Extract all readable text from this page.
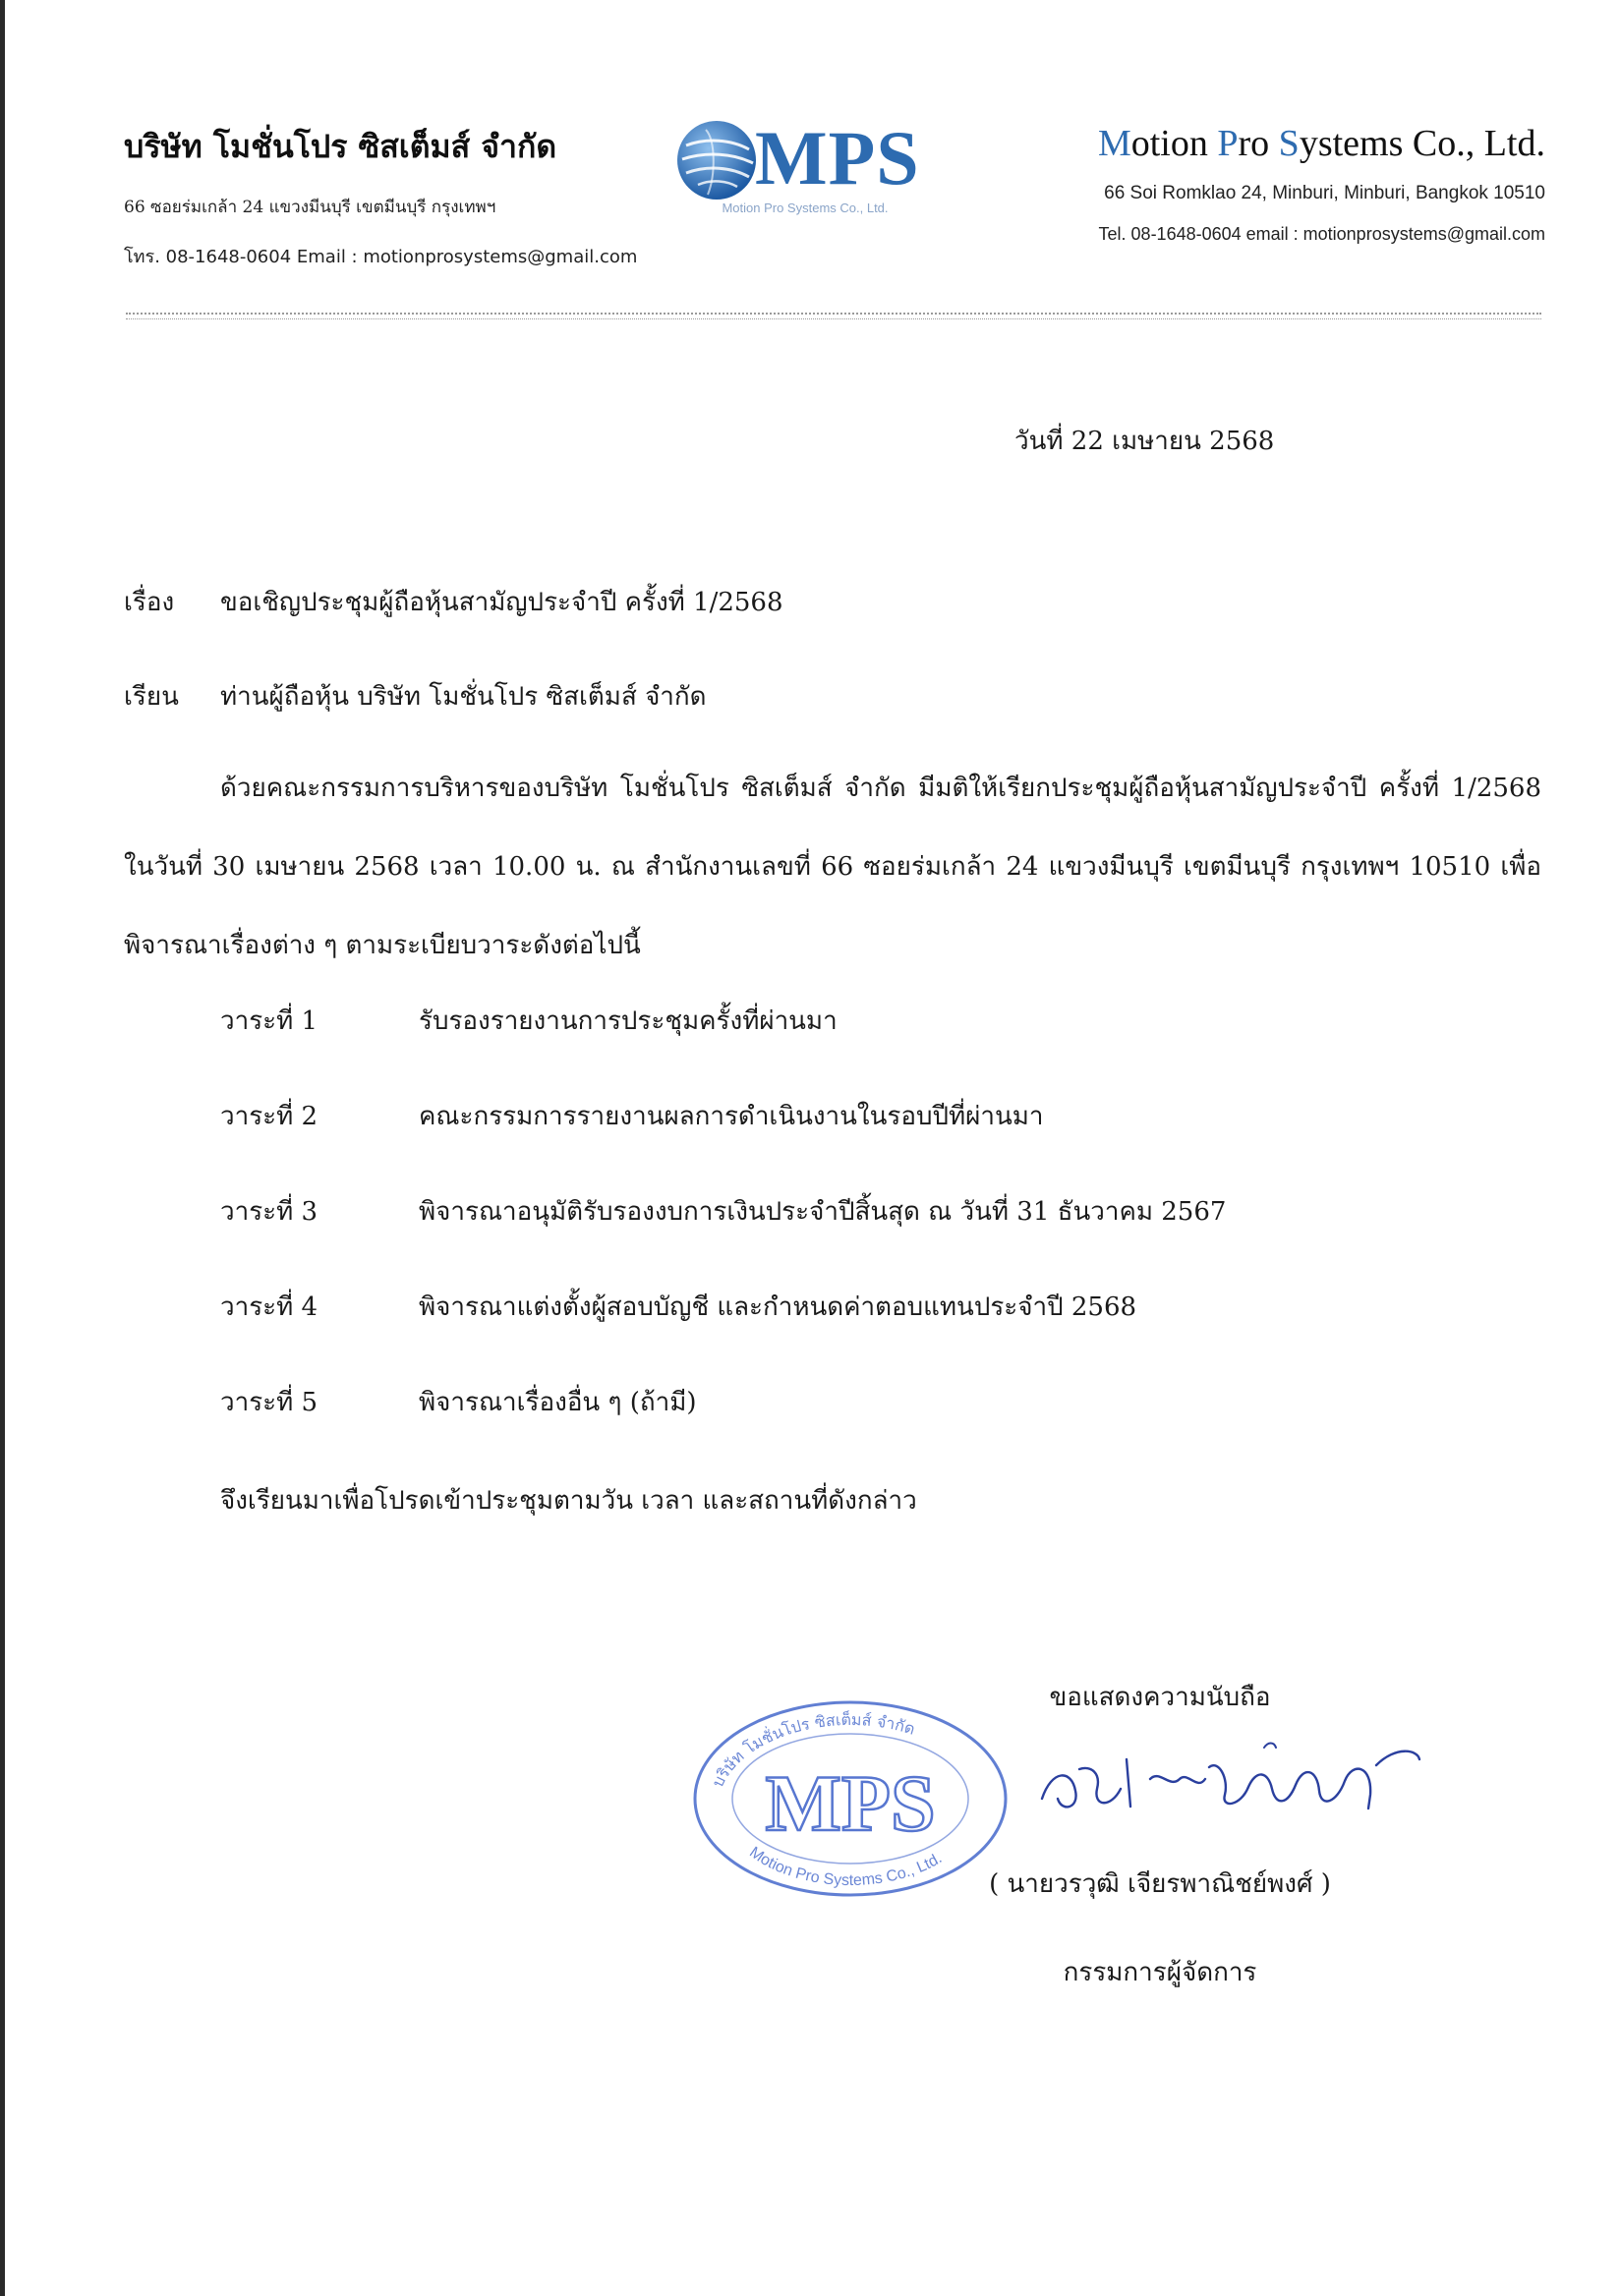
บริษัท โมชั่นโปร ซิสเต็มส์ จำกัด
66 ซอยร่มเกล้า 24 แขวงมีนบุรี เขตมีนบุรี กรุงเทพฯ
โทร. 08-1648-0604 Email : motionprosystems@gmail.com
MPS
Motion Pro Systems Co., Ltd.
Motion Pro Systems Co., Ltd.
66 Soi Romklao 24, Minburi, Minburi, Bangkok 10510
Tel. 08-1648-0604 email : motionprosystems@gmail.com
วันที่ 22 เมษายน 2568
เรื่อง ขอเชิญประชุมผู้ถือหุ้นสามัญประจำปี ครั้งที่ 1/2568
เรียน ท่านผู้ถือหุ้น บริษัท โมชั่นโปร ซิสเต็มส์ จำกัด
ด้วยคณะกรรมการบริหารของบริษัท โมชั่นโปร ซิสเต็มส์ จำกัด มีมติให้เรียกประชุมผู้ถือหุ้นสามัญประจำปี ครั้งที่ 1/2568 ในวันที่ 30 เมษายน 2568 เวลา 10.00 น. ณ สำนักงานเลขที่ 66 ซอยร่มเกล้า 24 แขวงมีนบุรี เขตมีนบุรี กรุงเทพฯ 10510 เพื่อพิจารณาเรื่องต่าง ๆ ตามระเบียบวาระดังต่อไปนี้
วาระที่ 1	รับรองรายงานการประชุมครั้งที่ผ่านมา
วาระที่ 2	คณะกรรมการรายงานผลการดำเนินงานในรอบปีที่ผ่านมา
วาระที่ 3	พิจารณาอนุมัติรับรองงบการเงินประจำปีสิ้นสุด ณ วันที่ 31 ธันวาคม 2567
วาระที่ 4	พิจารณาแต่งตั้งผู้สอบบัญชี และกำหนดค่าตอบแทนประจำปี 2568
วาระที่ 5	พิจารณาเรื่องอื่น ๆ (ถ้ามี)
จึงเรียนมาเพื่อโปรดเข้าประชุมตามวัน เวลา และสถานที่ดังกล่าว
ขอแสดงความนับถือ
บริษัท โมชั่นโปร ซิสเต็มส์ จำกัด
Motion Pro Systems Co., Ltd.
MPS
( นายวรวุฒิ เจียรพาณิชย์พงศ์ )
กรรมการผู้จัดการ
